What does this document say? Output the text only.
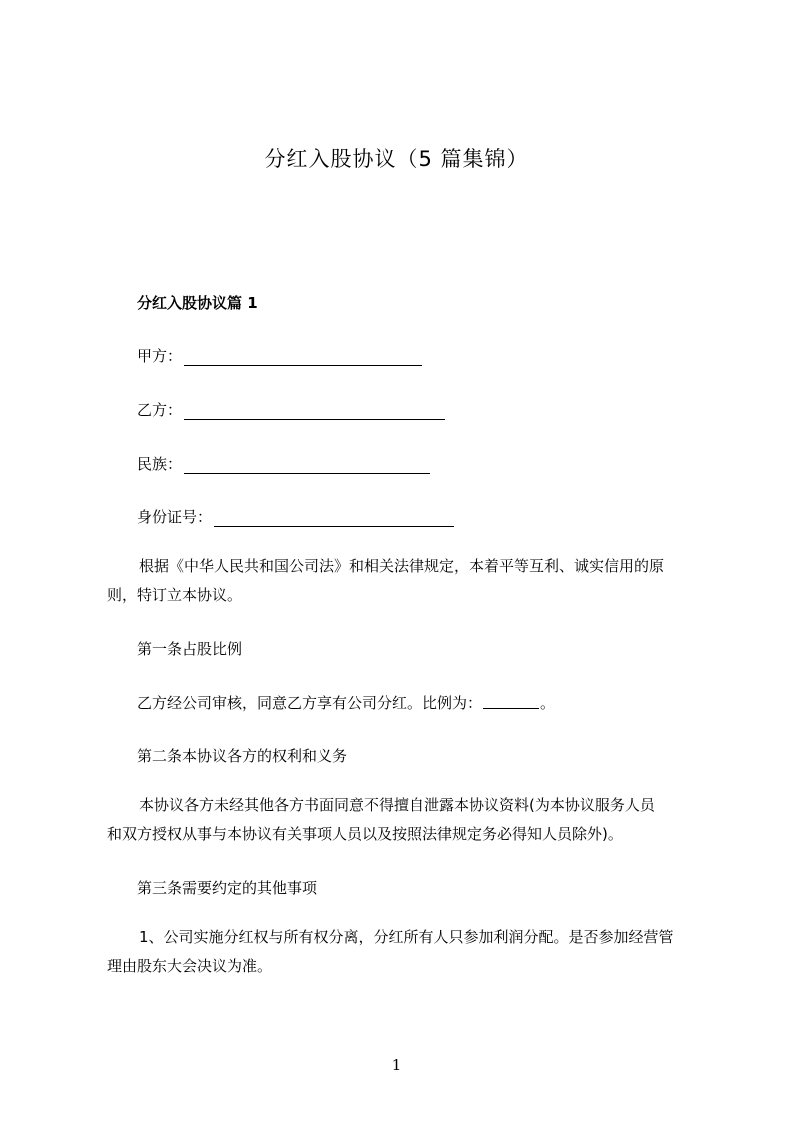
分红入股协议（5 篇集锦）
分红入股协议篇 1
甲方：
乙方：
民族：
身份证号：
根据《中华人民共和国公司法》和相关法律规定，本着平等互利、诚实信用的原
则，特订立本协议。
第一条占股比例
乙方经公司审核，同意乙方享有公司分红。比例为：	。
第二条本协议各方的权利和义务
本协议各方未经其他各方书面同意不得擅自泄露本协议资料(为本协议服务人员
和双方授权从事与本协议有关事项人员以及按照法律规定务必得知人员除外)。
第三条需要约定的其他事项
1、公司实施分红权与所有权分离，分红所有人只参加利润分配。是否参加经营管
理由股东大会决议为准。
1
